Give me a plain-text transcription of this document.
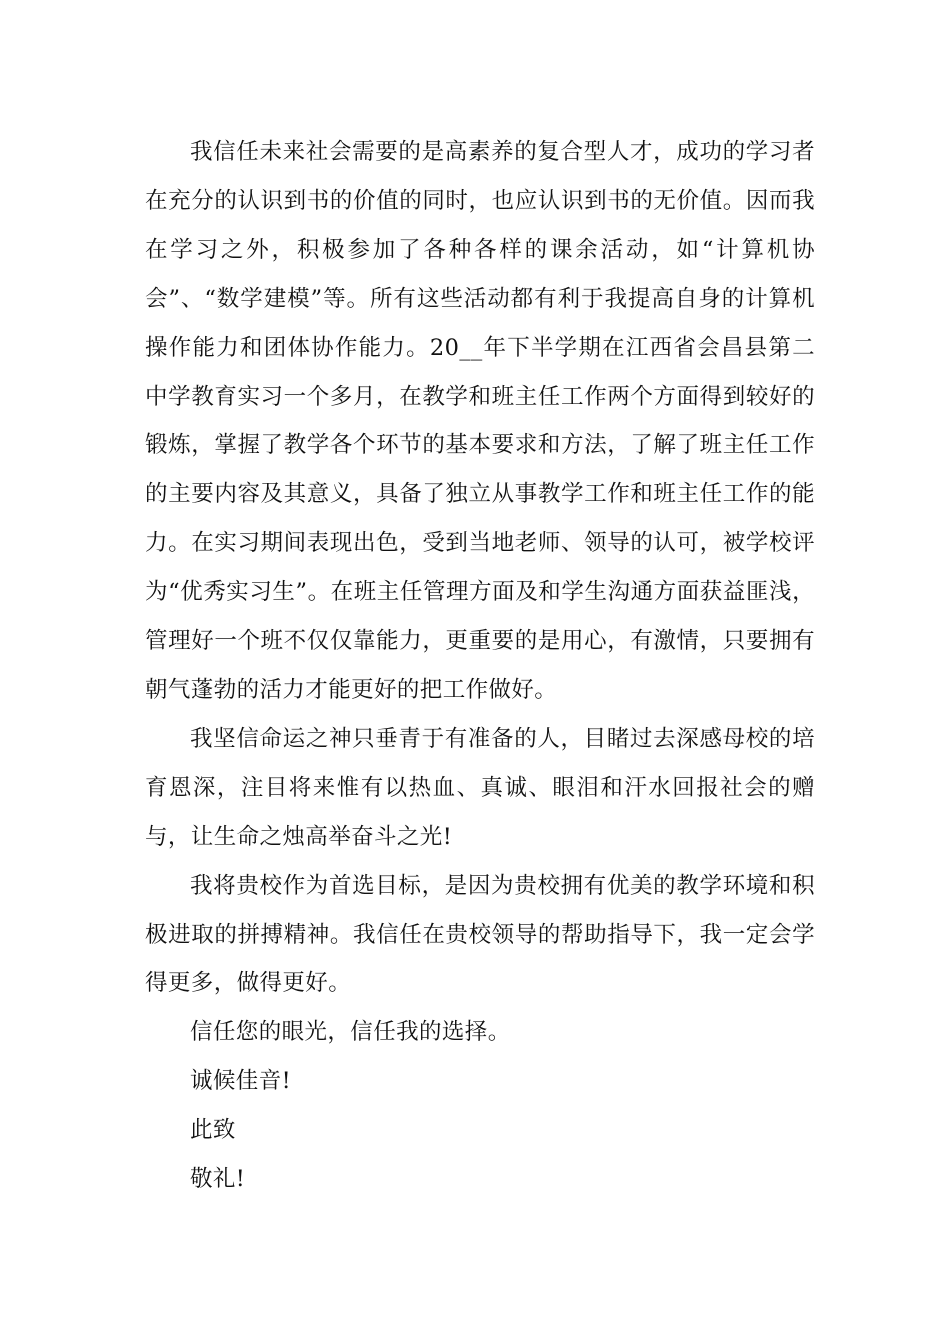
我信任未来社会需要的是高素养的复合型人才，成功的学习者在充分的认识到书的价值的同时，也应认识到书的无价值。因而我在学习之外，积极参加了各种各样的课余活动，如“计算机协会”、“数学建模”等。所有这些活动都有利于我提高自身的计算机操作能力和团体协作能力。20__年下半学期在江西省会昌县第二中学教育实习一个多月，在教学和班主任工作两个方面得到较好的锻炼，掌握了教学各个环节的基本要求和方法，了解了班主任工作的主要内容及其意义，具备了独立从事教学工作和班主任工作的能力。在实习期间表现出色，受到当地老师、领导的认可，被学校评为“优秀实习生”。在班主任管理方面及和学生沟通方面获益匪浅，管理好一个班不仅仅靠能力，更重要的是用心，有激情，只要拥有朝气蓬勃的活力才能更好的把工作做好。

我坚信命运之神只垂青于有准备的人，目睹过去深感母校的培育恩深，注目将来惟有以热血、真诚、眼泪和汗水回报社会的赠与，让生命之烛高举奋斗之光!

我将贵校作为首选目标，是因为贵校拥有优美的教学环境和积极进取的拼搏精神。我信任在贵校领导的帮助指导下，我一定会学得更多，做得更好。

信任您的眼光，信任我的选择。

诚候佳音!

此致

敬礼!
